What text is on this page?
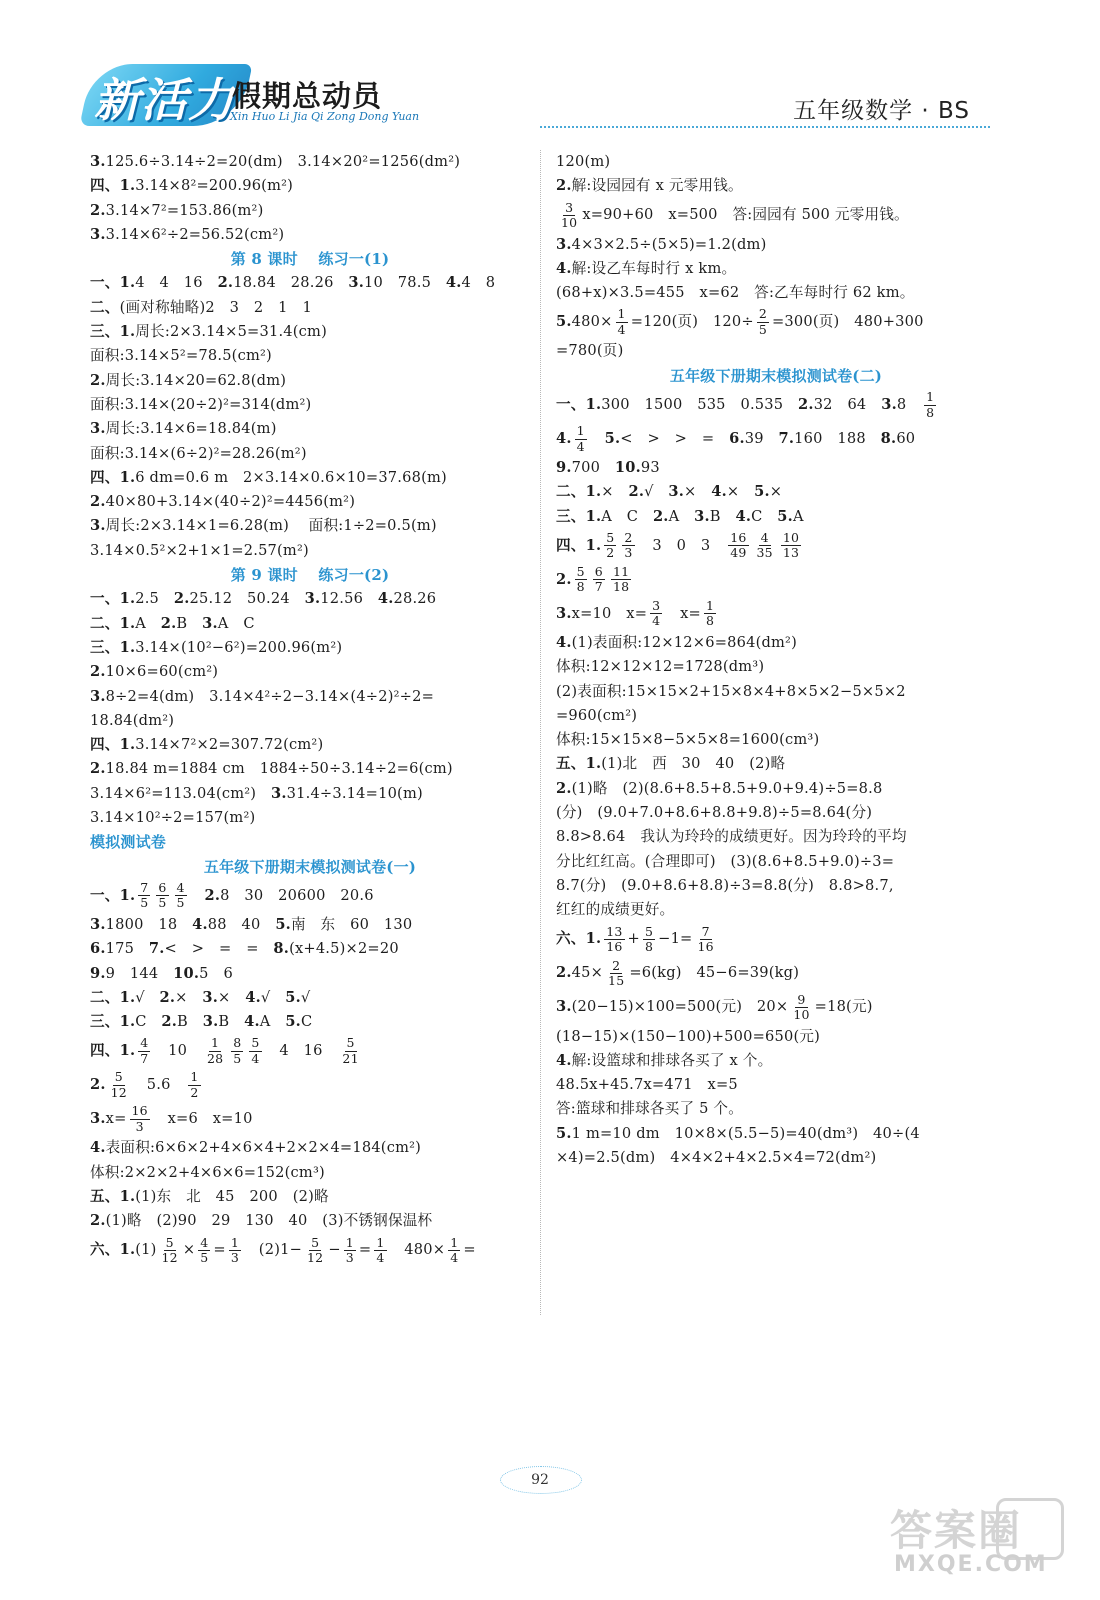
新活力
假期总动员
Xin Huo Li Jia Qi Zong Dong Yuan	五年级数学 · BS
3. 125.6÷3.14÷2=20(dm) 3.14×20²=1256(dm²)
四、1. 3.14×8²=200.96(m²)
2. 3.14×7²=153.86(m²)
3. 3.14×6²÷2=56.52(cm²)
第 8 课时  练习一(1)
一、1. 4 4 16  2. 18.84 28.26  3. 10 78.5  4. 4 8
二、 (画对称轴略)2 3 2 1 1
三、1. 周长:2×3.14×5=31.4(cm)
面积:3.14×5²=78.5(cm²)
2. 周长:3.14×20=62.8(dm)
面积:3.14×(20÷2)²=314(dm²)
3. 周长:3.14×6=18.84(m)
面积:3.14×(6÷2)²=28.26(m²)
四、1. 6 dm=0.6 m 2×3.14×0.6×10=37.68(m)
2. 40×80+3.14×(40÷2)²=4456(m²)
3. 周长:2×3.14×1=6.28(m)  面积:1÷2=0.5(m)
3.14×0.5²×2+1×1=2.57(m²)
第 9 课时  练习一(2)
一、1. 2.5  2. 25.12 50.24  3. 12.56  4. 28.26
二、1. A  2. B  3. A C
三、1. 3.14×(10²−6²)=200.96(m²)
2. 10×6=60(cm²)
3. 8÷2=4(dm) 3.14×4²÷2−3.14×(4÷2)²÷2=
18.84(dm²)
四、1. 3.14×7²×2=307.72(cm²)
2. 18.84 m=1884 cm 1884÷50÷3.14÷2=6(cm)
3.14×6²=113.04(cm²)  3. 31.4÷3.14=10(m)
3.14×10²÷2=157(m²)
模拟测试卷
五年级下册期末模拟测试卷(一)
一、1. $\frac{7}{5} \frac{6}{5} \frac{4}{5}$
  2. 8 30 20600 20.6
3. 1800 18  4. 88 40  5. 南 东 60 130
6. 175  7. < > = =  8. (x+4.5)×2=20
9. 9 144  10. 5 6
二、1. √  2. ×  3. ×  4. √  5. √
三、1. C  2. B  3. B  4. A  5. C
四、1. $\frac{4}{7}$  10  $\frac{1}{28} \frac{8}{5} \frac{5}{4}$  4 16  $\frac{5}{21}$
2. $\frac{5}{12}$  5.6  $\frac{1}{2}$
3. $x= \frac{16}{3}$  x=6 x=10
4. 表面积:6×6×2+4×6×4+2×2×4=184(cm²)
体积:2×2×2+4×6×6=152(cm³)
五、1. (1)东 北 45 200 (2)略
2. (1)略 (2)90 29 130 40 (3)不锈钢保温杯
六、1. $(1) \frac{5}{12} \times \frac{4}{5} = \frac{1}{3}$  $(2)1- \frac{5}{12} - \frac{1}{3} = \frac{1}{4}$  $480\times \frac{1}{4}$ =
120(m)
2. 解:设园园有 x 元零用钱。
$\frac{3}{10} x=90+60$ x=500 答:园园有 500 元零用钱。
3. 4×3×2.5÷(5×5)=1.2(dm)
4. 解:设乙车每时行 x km。
(68+x)×3.5=455 x=62 答:乙车每时行 62 km。
5. $480\times \frac{1}{4} =120$(页) $120\div \frac{2}{5} =300$(页) 480+300
=780(页)
五年级下册期末模拟测试卷(二)
一、1. 300 1500 535 0.535  2. 32 64  3. 8  $\frac{1}{8}$
4. $\frac{1}{4}$
  5. < > > =  6. 39  7. 160 188  8. 60
9. 700  10. 93
二、1. ×  2. √  3. ×  4. ×  5. ×
三、1. A C  2. A  3. B  4. C  5. A
四、1. $\frac{5}{2} \frac{2}{3}$  3 0 3  $\frac{16}{49} \frac{4}{35} \frac{10}{13}$
2. $\frac{5}{8} \frac{6}{7} \frac{11}{18}$
3. x=10 $x= \frac{3}{4}$  $x= \frac{1}{8}$
4. (1)表面积:12×12×6=864(dm²)
体积:12×12×12=1728(dm³)
(2)表面积:15×15×2+15×8×4+8×5×2−5×5×2
=960(cm²)
体积:15×15×8−5×5×8=1600(cm³)
五、1. (1)北 西 30 40 (2)略
2. (1)略 (2)(8.6+8.5+8.5+9.0+9.4)÷5=8.8
(分) (9.0+7.0+8.6+8.8+9.8)÷5=8.64(分)
8.8>8.64 我认为玲玲的成绩更好。因为玲玲的平均
分比红红高。(合理即可) (3)(8.6+8.5+9.0)÷3=
8.7(分) (9.0+8.6+8.8)÷3=8.8(分) 8.8>8.7,
红红的成绩更好。
六、1. $\frac{13}{16} + \frac{5}{8} -1= \frac{7}{16}$
2. $45\times \frac{2}{15} =6(kg)$ 45−6=39(kg)
3. (20−15)×100=500(元) $20\times \frac{9}{10} =18$(元)
(18−15)×(150−100)+500=650(元)
4. 解:设篮球和排球各买了 x 个。
48.5x+45.7x=471 x=5
答:篮球和排球各买了 5 个。
5. 1 m=10 dm 10×8×(5.5−5)=40(dm³) 40÷(4
×4)=2.5(dm) 4×4×2+4×2.5×4=72(dm²)
92
答案圈
MXQE.COM
